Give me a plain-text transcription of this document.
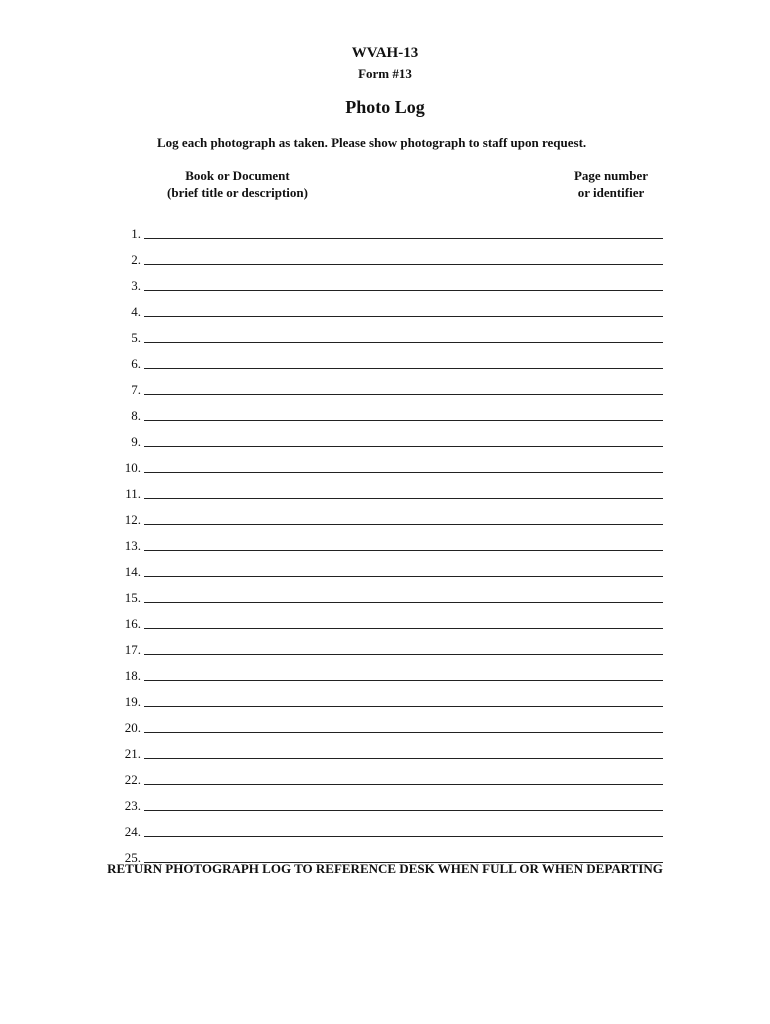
WVAH-13
Form #13
Photo Log
Log each photograph as taken. Please show photograph to staff upon request.
Book or Document
(brief title or description)
Page number
or identifier
1.
2.
3.
4.
5.
6.
7.
8.
9.
10.
11.
12.
13.
14.
15.
16.
17.
18.
19.
20.
21.
22.
23.
24.
25.
RETURN PHOTOGRAPH LOG TO REFERENCE DESK WHEN FULL OR WHEN DEPARTING
